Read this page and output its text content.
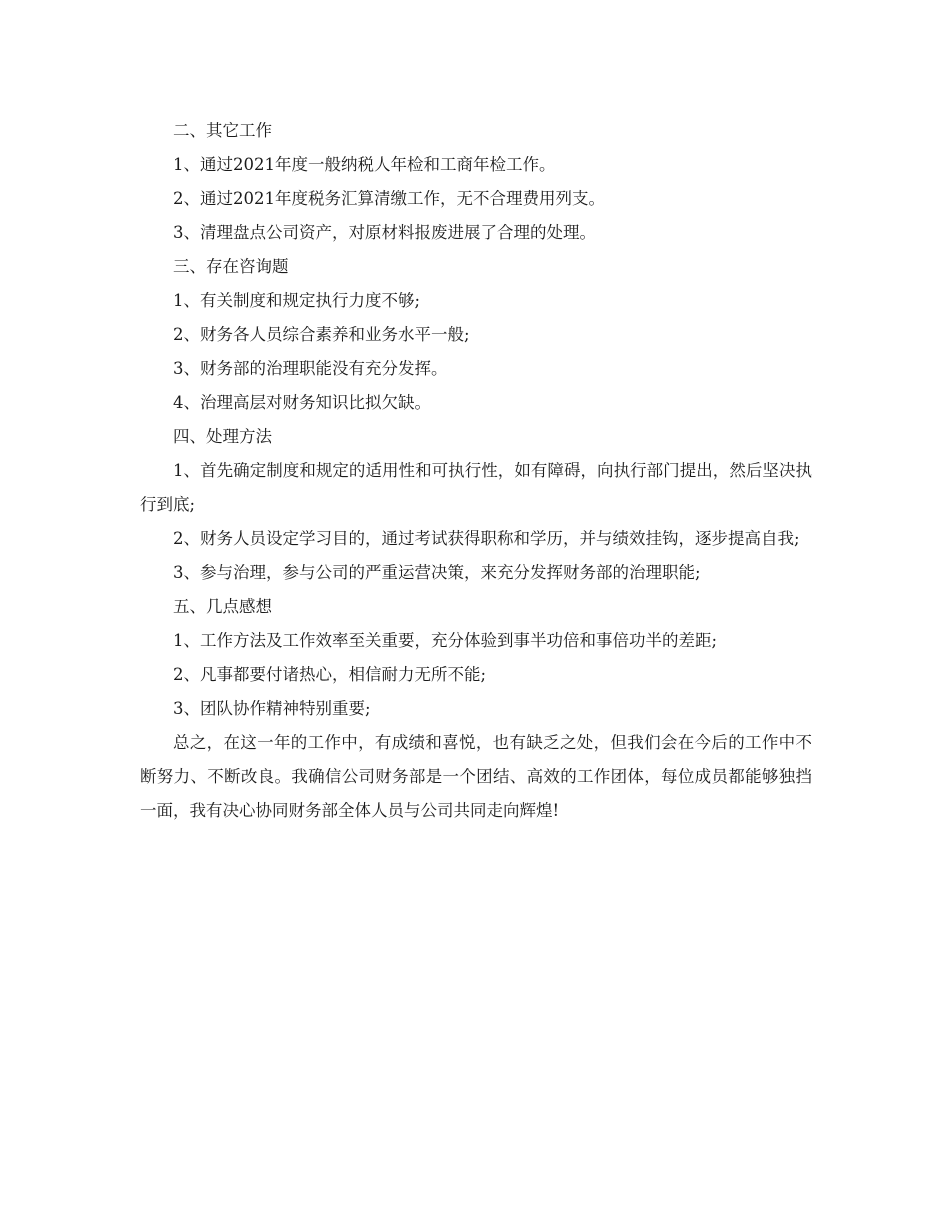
二、其它工作

1、通过2021年度一般纳税人年检和工商年检工作。

2、通过2021年度税务汇算清缴工作，无不合理费用列支。

3、清理盘点公司资产，对原材料报废进展了合理的处理。

三、存在咨询题

1、有关制度和规定执行力度不够;

2、财务各人员综合素养和业务水平一般;

3、财务部的治理职能没有充分发挥。

4、治理高层对财务知识比拟欠缺。

四、处理方法

1、首先确定制度和规定的适用性和可执行性，如有障碍，向执行部门提出，然后坚决执行到底;

2、财务人员设定学习目的，通过考试获得职称和学历，并与绩效挂钩，逐步提高自我;

3、参与治理，参与公司的严重运营决策，来充分发挥财务部的治理职能;

五、几点感想

1、工作方法及工作效率至关重要，充分体验到事半功倍和事倍功半的差距;

2、凡事都要付诸热心，相信耐力无所不能;

3、团队协作精神特别重要;

总之，在这一年的工作中，有成绩和喜悦，也有缺乏之处，但我们会在今后的工作中不断努力、不断改良。我确信公司财务部是一个团结、高效的工作团体，每位成员都能够独挡一面，我有决心协同财务部全体人员与公司共同走向辉煌!
